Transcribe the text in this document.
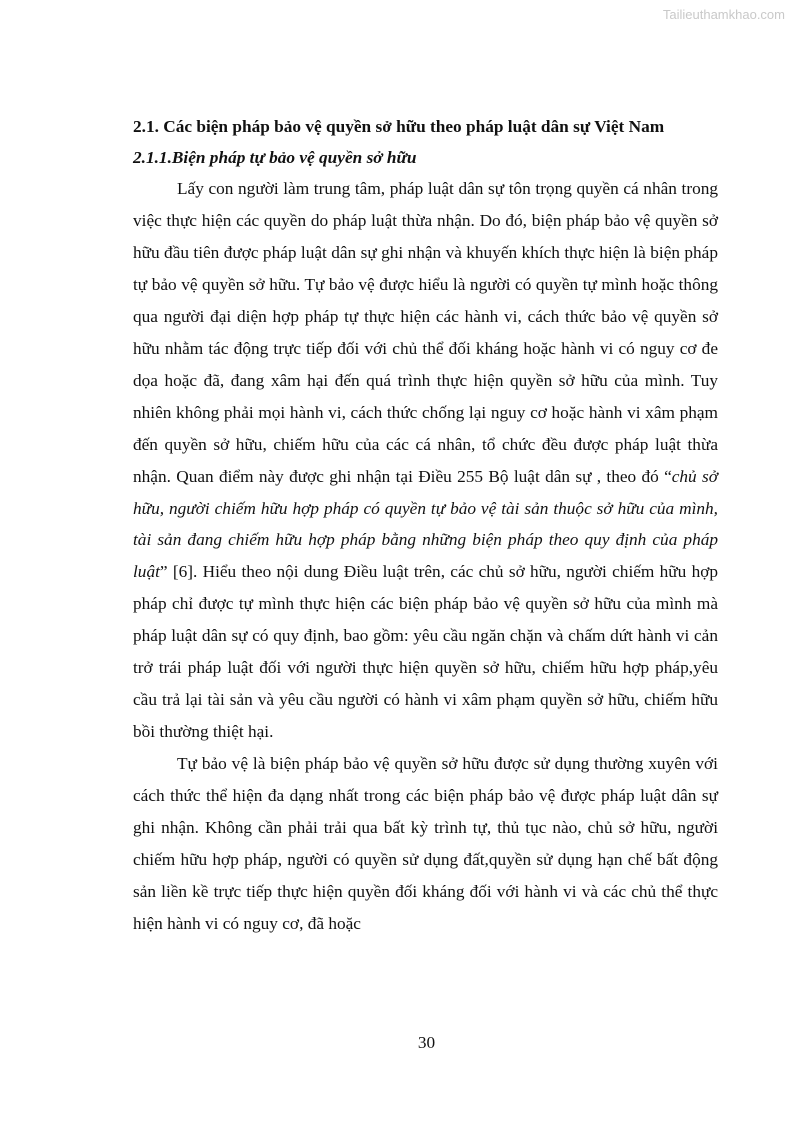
Tailieuthamkhao.com

2.1. Các biện pháp bảo vệ quyền sở hữu theo pháp luật dân sự Việt Nam

2.1.1.Biện pháp tự bảo vệ quyền sở hữu

Lấy con người làm trung tâm, pháp luật dân sự tôn trọng quyền cá nhân trong việc thực hiện các quyền do pháp luật thừa nhận. Do đó, biện pháp bảo vệ quyền sở hữu đầu tiên được pháp luật dân sự ghi nhận và khuyến khích thực hiện là biện pháp tự bảo vệ quyền sở hữu. Tự bảo vệ được hiểu là người có quyền tự mình hoặc thông qua người đại diện hợp pháp tự thực hiện các hành vi, cách thức bảo vệ quyền sở hữu nhằm tác động trực tiếp đối với chủ thể đối kháng hoặc hành vi có nguy cơ đe dọa hoặc đã, đang xâm hại đến quá trình thực hiện quyền sở hữu của mình. Tuy nhiên không phải mọi hành vi, cách thức chống lại nguy cơ hoặc hành vi xâm phạm đến quyền sở hữu, chiếm hữu của các cá nhân, tổ chức đều được pháp luật thừa nhận. Quan điểm này được ghi nhận tại Điều 255 Bộ luật dân sự , theo đó “chủ sở hữu, người chiếm hữu hợp pháp có quyền tự bảo vệ tài sản thuộc sở hữu của mình, tài sản đang chiếm hữu hợp pháp bằng những biện pháp theo quy định của pháp luật” [6]. Hiểu theo nội dung Điều luật trên, các chủ sở hữu, người chiếm hữu hợp pháp chỉ được tự mình thực hiện các biện pháp bảo vệ quyền sở hữu của mình mà pháp luật dân sự có quy định, bao gồm: yêu cầu ngăn chặn và chấm dứt hành vi cản trở trái pháp luật đối với người thực hiện quyền sở hữu, chiếm hữu hợp pháp,yêu cầu trả lại tài sản và yêu cầu người có hành vi xâm phạm quyền sở hữu, chiếm hữu bồi thường thiệt hại.

Tự bảo vệ là biện pháp bảo vệ quyền sở hữu được sử dụng thường xuyên với cách thức thể hiện đa dạng nhất trong các biện pháp bảo vệ được pháp luật dân sự ghi nhận. Không cần phải trải qua bất kỳ trình tự, thủ tục nào, chủ sở hữu, người chiếm hữu hợp pháp, người có quyền sử dụng đất,quyền sử dụng hạn chế bất động sản liền kề trực tiếp thực hiện quyền đối kháng đối với hành vi và các chủ thể thực hiện hành vi có nguy cơ, đã hoặc

30
